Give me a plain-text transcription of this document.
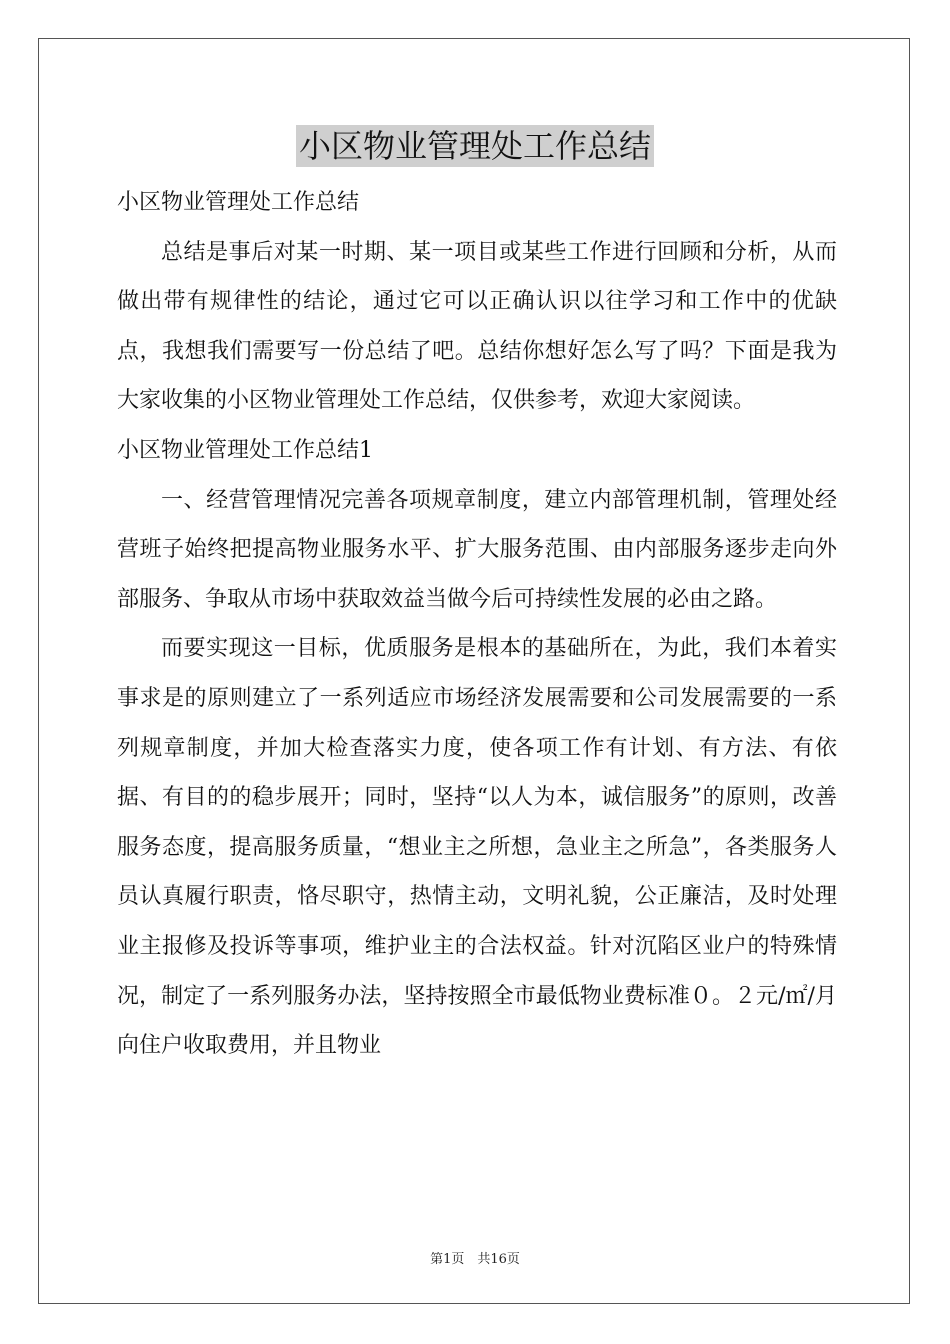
小区物业管理处工作总结

小区物业管理处工作总结

总结是事后对某一时期、某一项目或某些工作进行回顾和分析，从而做出带有规律性的结论，通过它可以正确认识以往学习和工作中的优缺点，我想我们需要写一份总结了吧。总结你想好怎么写了吗？下面是我为大家收集的小区物业管理处工作总结，仅供参考，欢迎大家阅读。

小区物业管理处工作总结1

一、经营管理情况完善各项规章制度，建立内部管理机制，管理处经营班子始终把提高物业服务水平、扩大服务范围、由内部服务逐步走向外部服务、争取从市场中获取效益当做今后可持续性发展的必由之路。

而要实现这一目标，优质服务是根本的基础所在，为此，我们本着实事求是的原则建立了一系列适应市场经济发展需要和公司发展需要的一系列规章制度，并加大检查落实力度，使各项工作有计划、有方法、有依据、有目的的稳步展开；同时，坚持“以人为本，诚信服务”的原则，改善服务态度，提高服务质量，“想业主之所想，急业主之所急”，各类服务人员认真履行职责，恪尽职守，热情主动，文明礼貌，公正廉洁，及时处理业主报修及投诉等事项，维护业主的合法权益。针对沉陷区业户的特殊情况，制定了一系列服务办法，坚持按照全市最低物业费标准０。２元/㎡/月向住户收取费用，并且物业

第1页　共16页
